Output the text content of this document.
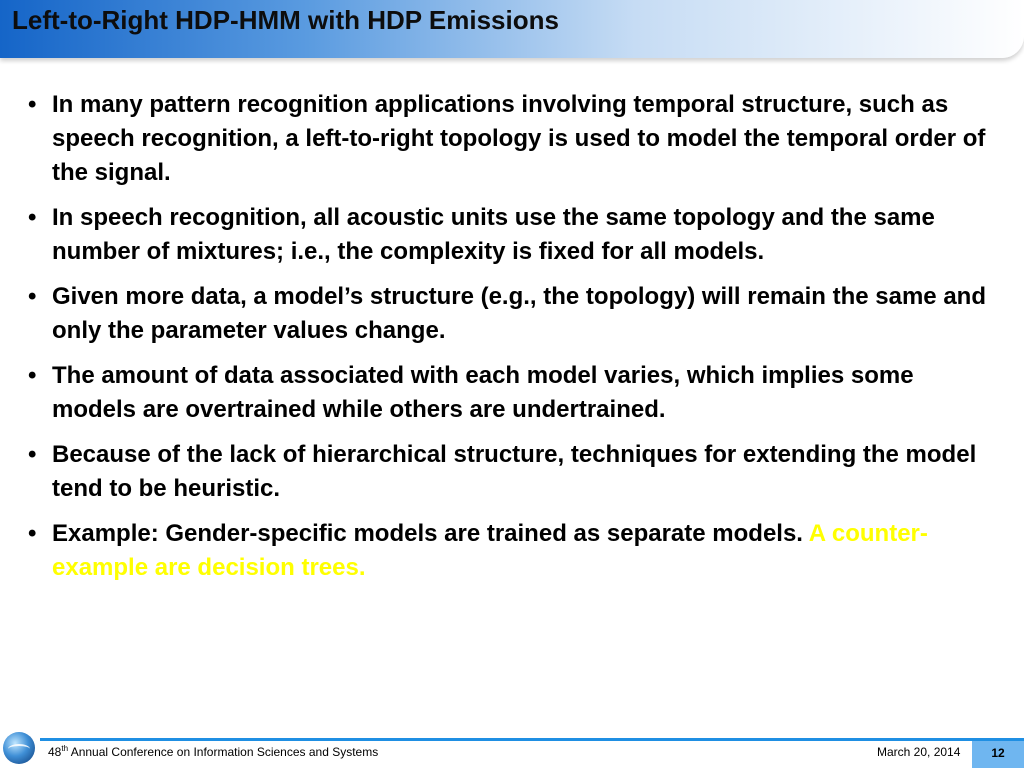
Left-to-Right HDP-HMM with HDP Emissions
• In many pattern recognition applications involving temporal structure, such as speech recognition, a left-to-right topology is used to model the temporal order of the signal.
• In speech recognition, all acoustic units use the same topology and the same number of mixtures; i.e., the complexity is fixed for all models.
• Given more data, a model’s structure (e.g., the topology) will remain the same and only the parameter values change.
• The amount of data associated with each model varies, which implies some models are overtrained while others are undertrained.
• Because of the lack of hierarchical structure, techniques for extending the model tend to be heuristic.
• Example: Gender-specific models are trained as separate models. A counter-example are decision trees.
48th Annual Conference on Information Sciences and Systems	March 20, 2014	12
